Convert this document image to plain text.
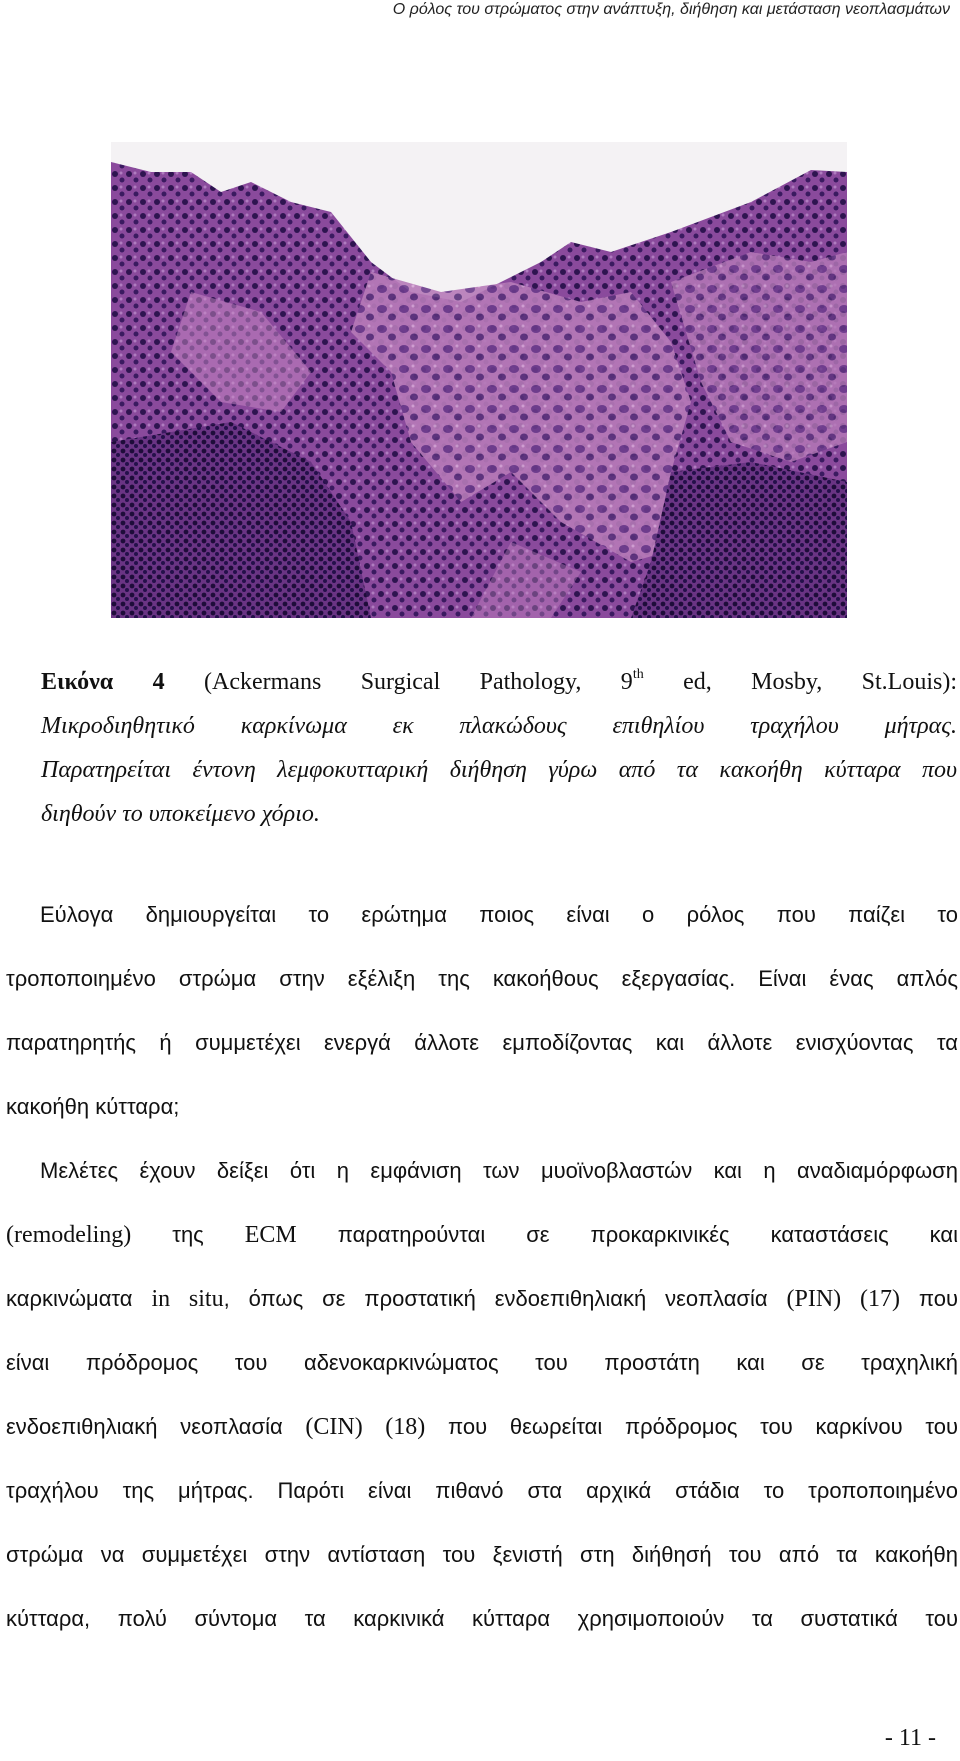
Ο ρόλος του στρώματος στην ανάπτυξη, διήθηση και μετάσταση νεοπλασμάτων

Εικόνα 4 (Ackermans Surgical Pathology, 9th ed, Mosby, St.Louis):

Μικροδιηθητικό καρκίνωμα εκ πλακώδους επιθηλίου τραχήλου μήτρας.

Παρατηρείται έντονη λεμφοκυτταρική διήθηση γύρω από τα κακοήθη κύτταρα που

διηθούν το υποκείμενο χόριο.

Εύλογα δημιουργείται το ερώτημα ποιος είναι ο ρόλος που παίζει το
τροποποιημένο στρώμα στην εξέλιξη της κακοήθους εξεργασίας. Είναι ένας απλός
παρατηρητής ή συμμετέχει ενεργά άλλοτε εμποδίζοντας και άλλοτε ενισχύοντας τα
κακοήθη κύτταρα;
Μελέτες έχουν δείξει ότι η εμφάνιση των μυοϊνοβλαστών και η αναδιαμόρφωση
(remodeling) της ECM παρατηρούνται σε προκαρκινικές καταστάσεις και
καρκινώματα in situ, όπως σε προστατική ενδοεπιθηλιακή νεοπλασία (PIN) (17) που
είναι πρόδρομος του αδενοκαρκινώματος του προστάτη και σε τραχηλική
ενδοεπιθηλιακή νεοπλασία (CIN) (18) που θεωρείται πρόδρομος του καρκίνου του
τραχήλου της μήτρας. Παρότι είναι πιθανό στα αρχικά στάδια το τροποποιημένο
στρώμα να συμμετέχει στην αντίσταση του ξενιστή στη διήθησή του από τα κακοήθη
κύτταρα, πολύ σύντομα τα καρκινικά κύτταρα χρησιμοποιούν τα συστατικά του
- 11 -
